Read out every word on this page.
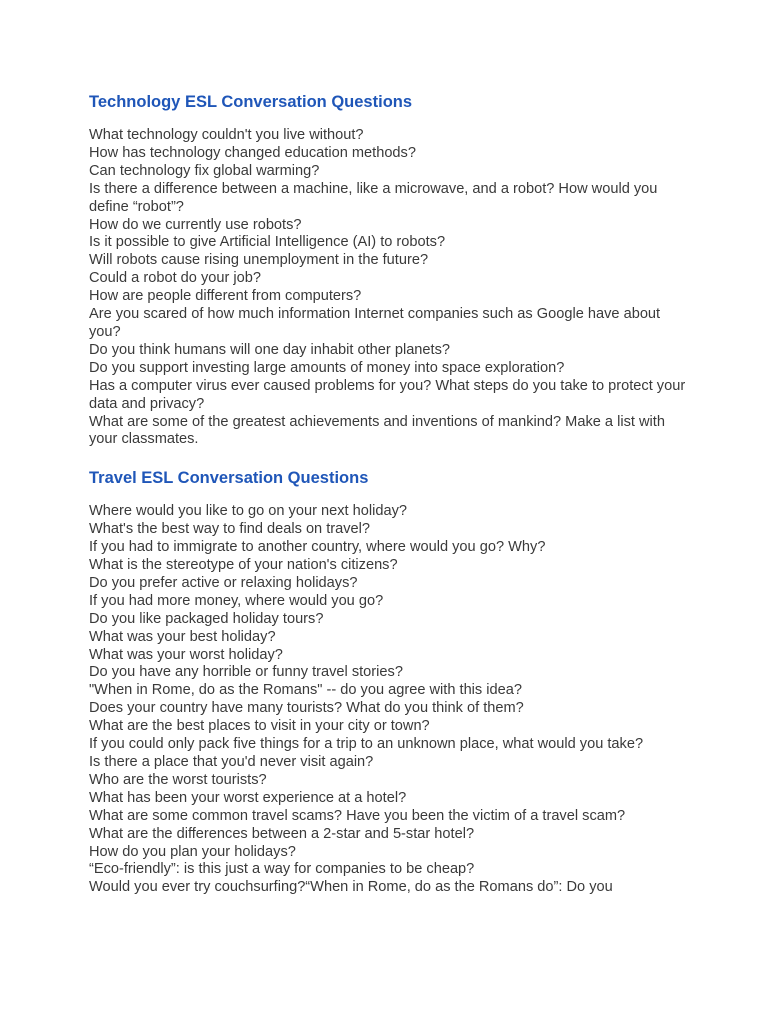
Technology ESL Conversation Questions
What technology couldn't you live without?
How has technology changed education methods?
Can technology fix global warming?
Is there a difference between a machine, like a microwave, and a robot? How would you define “robot”?
How do we currently use robots?
Is it possible to give Artificial Intelligence (AI) to robots?
Will robots cause rising unemployment in the future?
Could a robot do your job?
How are people different from computers?
Are you scared of how much information Internet companies such as Google have about you?
Do you think humans will one day inhabit other planets?
Do you support investing large amounts of money into space exploration?
Has a computer virus ever caused problems for you? What steps do you take to protect your data and privacy?
What are some of the greatest achievements and inventions of mankind? Make a list with your classmates.
Travel ESL Conversation Questions
Where would you like to go on your next holiday?
What's the best way to find deals on travel?
If you had to immigrate to another country, where would you go? Why?
What is the stereotype of your nation's citizens?
Do you prefer active or relaxing holidays?
If you had more money, where would you go?
Do you like packaged holiday tours?
What was your best holiday?
What was your worst holiday?
Do you have any horrible or funny travel stories?
"When in Rome, do as the Romans" -- do you agree with this idea?
Does your country have many tourists? What do you think of them?
What are the best places to visit in your city or town?
If you could only pack five things for a trip to an unknown place, what would you take?
Is there a place that you'd never visit again?
Who are the worst tourists?
What has been your worst experience at a hotel?
What are some common travel scams? Have you been the victim of a travel scam?
What are the differences between a 2-star and 5-star hotel?
How do you plan your holidays?
“Eco-friendly”: is this just a way for companies to be cheap?
Would you ever try couchsurfing?“When in Rome, do as the Romans do”: Do you
